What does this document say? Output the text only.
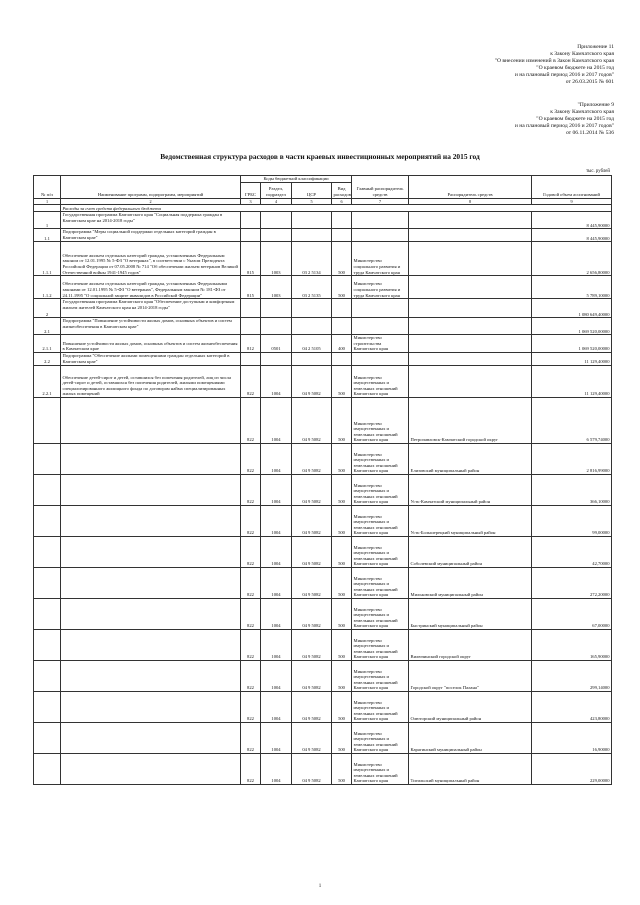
Приложение 11
к Закону Камчатского края
"О внесении изменений в Закон Камчатского края
"О краевом бюджете на 2015 год
и на плановый период 2016 и 2017 годов"
от 26.03.2015 № 601
"Приложение 9
к Закону Камчатского края
"О краевом бюджете на 2015 год
и на плановый период 2016 и 2017 годов"
от 06.11.2014 № 536
Ведомственная структура расходов в части краевых инвестиционных мероприятий на 2015 год
тыс. рублей
№ п/п	Наименование программ, подпрограмм, мероприятий	Коды бюджетной классификации				Главный распорядитель средств	Распорядитель средств	Годовой объем ассигнований
		ГРБС	Раздел, подраздел	ЦСР	Вид расходов			
1	2	3	4	5	6	7	8	9
	Расходы за счет средств федерального бюджета							
1	Государственная программа Камчатского края "Социальная поддержка граждан в Камчатском крае на 2014-2018 годы"							8 445,90000
1.1	Подпрограмма "Меры социальной поддержки отдельных категорий граждан в Камчатском крае"							8 445,90000
1.1.1	Обеспечение жильем отдельных категорий граждан, установленных Федеральным законом от 12.01.1995 № 5-ФЗ "О ветеранах", в соответствии с Указом Президента Российской Федерации от 07.05.2008 № 714 "Об обеспечении жильем ветеранов Великой Отечественной войны 1941-1945 годов"	815	1003	03 2 5134	500	Министерство социального развития и труда Камчатского края		2 656,80000
1.1.2	Обеспечение жильем отдельных категорий граждан, установленных Федеральными законами от 12.01.1995 № 5-ФЗ "О ветеранах", Федеральным законом № 181-ФЗ от 24.11.1995 "О социальной защите инвалидов в Российской Федерации"	815	1003	03 2 5135	500	Министерство социального развития и труда Камчатского края		5 789,10000
2	Государственная программа Камчатского края "Обеспечение доступным и комфортным жильем жителей Камчатского края на 2014-2018 годы"							1 080 649,40000
2.1	Подпрограмма "Повышение устойчивости жилых домов, основных объектов и систем жизнеобеспечения в Камчатском крае"							1 069 520,00000
2.1.1	Повышение устойчивости жилых домов, основных объектов и систем жизнеобеспечения в Камчатском крае	812	0501	04 2 5105	400	Министерство строительства Камчатского края		1 069 520,00000
2.2	Подпрограмма "Обеспечение жилыми помещениями граждан отдельных категорий в Камчатском крае"							11 129,40000
2.2.1	Обеспечение детей-сирот и детей, оставшихся без попечения родителей, лиц из числа детей-сирот и детей, оставшихся без попечения родителей, жилыми помещениями специализированного жилищного фонда по договорам найма специализированных жилых помещений	822	1004	04 9 5082	500	Министерство имущественных и земельных отношений Камчатского края		11 129,40000
		822	1004	04 9 5082	500	Министерство имущественных и земельных отношений Камчатского края	Петропавловск-Камчатский городской округ	6 579,74000
		822	1004	04 9 5082	500	Министерство имущественных и земельных отношений Камчатского края	Елизовский муниципальный район	2 816,99000
		822	1004	04 9 5082	500	Министерство имущественных и земельных отношений Камчатского края	Усть-Камчатский муниципальный район	366,10000
		822	1004	04 9 5082	500	Министерство имущественных и земельных отношений Камчатского края	Усть-Большерецкий муниципальный район	99,00000
		822	1004	04 9 5082	500	Министерство имущественных и земельных отношений Камчатского края	Соболевский муниципальный район	42,70000
		822	1004	04 9 5082	500	Министерство имущественных и земельных отношений Камчатского края	Мильковский муниципальный район	272,20000
		822	1004	04 9 5082	500	Министерство имущественных и земельных отношений Камчатского края	Быстринский муниципальный район	67,00000
		822	1004	04 9 5082	500	Министерство имущественных и земельных отношений Камчатского края	Вилючинский городской округ	165,90000
		822	1004	04 9 5082	500	Министерство имущественных и земельных отношений Камчатского края	Городской округ "поселок Палана"	299,14000
		822	1004	04 9 5082	500	Министерство имущественных и земельных отношений Камчатского края	Олюторский муниципальный район	423,80000
		822	1004	04 9 5082	500	Министерство имущественных и земельных отношений Камчатского края	Карагинский муниципальный район	16,90000
		822	1004	04 9 5082	500	Министерство имущественных и земельных отношений Камчатского края	Тигильский муниципальный район	229,00000
1
